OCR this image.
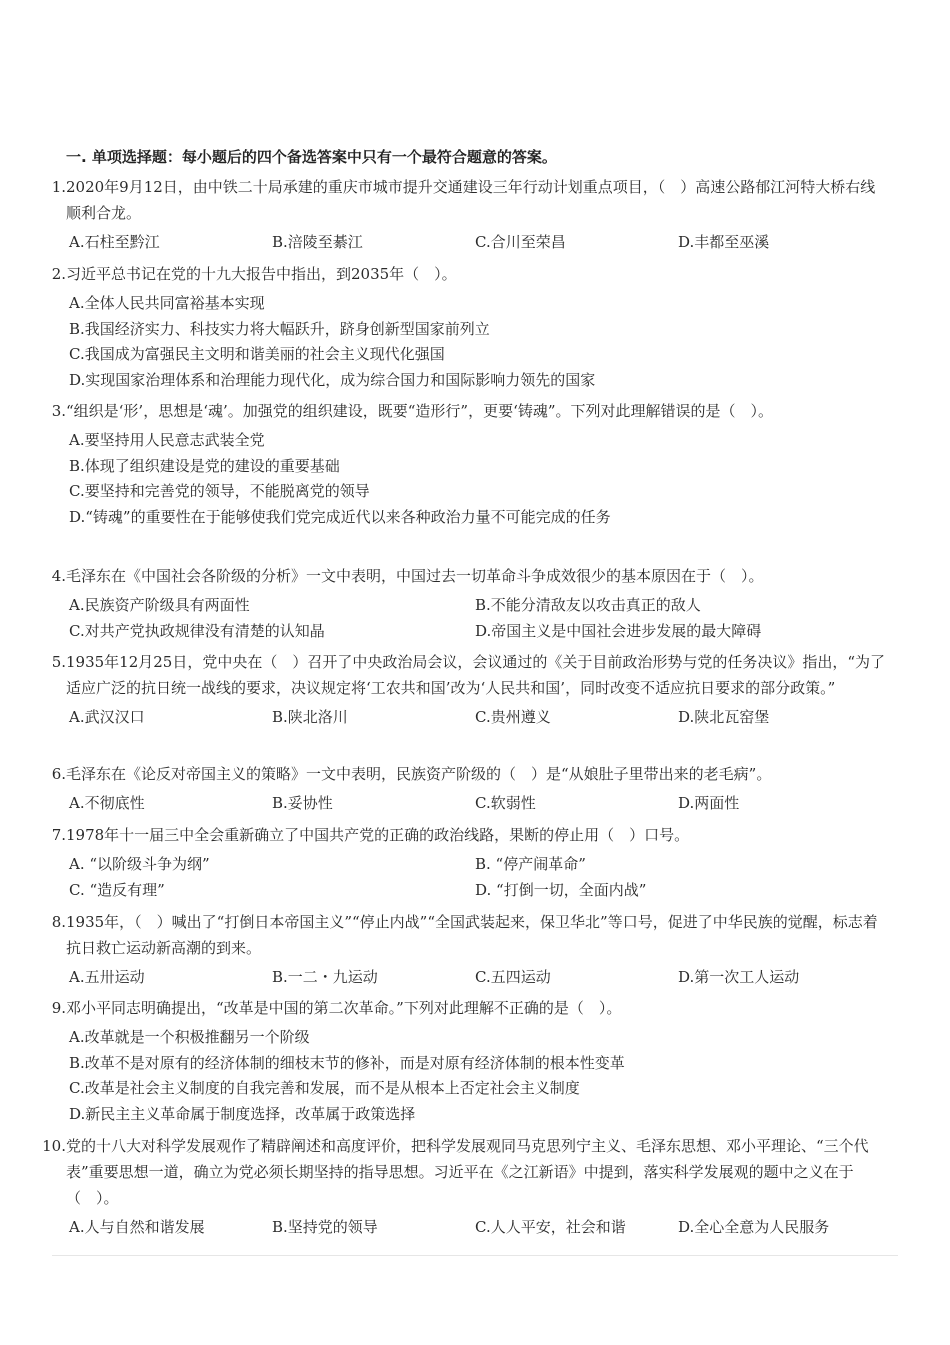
一. 单项选择题：每小题后的四个备选答案中只有一个最符合题意的答案。
1. 2020年9月12日，由中铁二十局承建的重庆市城市提升交通建设三年行动计划重点项目，（　）高速公路郁江河特大桥右线顺利合龙。
A.石柱至黔江	B.涪陵至綦江	C.合川至荣昌	D.丰都至巫溪
2. 习近平总书记在党的十九大报告中指出，到2035年（　）。
A.全体人民共同富裕基本实现
B.我国经济实力、科技实力将大幅跃升，跻身创新型国家前列立
C.我国成为富强民主文明和谐美丽的社会主义现代化强国
D.实现国家治理体系和治理能力现代化，成为综合国力和国际影响力领先的国家
3. “组织是‘形’，思想是‘魂’。加强党的组织建设，既要“造形行”，更要‘铸魂”。下列对此理解错误的是（　）。
A.要坚持用人民意志武装全党
B.体现了组织建设是党的建设的重要基础
C.要坚持和完善党的领导，不能脱离党的领导
D.“铸魂”的重要性在于能够使我们党完成近代以来各种政治力量不可能完成的任务
4. 毛泽东在《中国社会各阶级的分析》一文中表明，中国过去一切革命斗争成效很少的基本原因在于（　）。
A.民族资产阶级具有两面性	B.不能分清敌友以攻击真正的敌人
C.对共产党执政规律没有清楚的认知晶	D.帝国主义是中国社会进步发展的最大障碍
5. 1935年12月25日，党中央在（　）召开了中央政治局会议，会议通过的《关于目前政治形势与党的任务决议》指出，“为了适应广泛的抗日统一战线的要求，决议规定将‘工农共和国’改为‘人民共和国’，同时改变不适应抗日要求的部分政策。”
A.武汉汉口	B.陕北洛川	C.贵州遵义	D.陕北瓦窑堡
6. 毛泽东在《论反对帝国主义的策略》一文中表明，民族资产阶级的（　）是“从娘肚子里带出来的老毛病”。
A.不彻底性	B.妥协性	C.软弱性	D.两面性
7. 1978年十一届三中全会重新确立了中国共产党的正确的政治线路，果断的停止用（　）口号。
A. “以阶级斗争为纲”	B. “停产闹革命”
C. “造反有理”	D. “打倒一切，全面内战”
8. 1935年，（　）喊出了“打倒日本帝国主义”“停止内战”“全国武装起来，保卫华北”等口号，促进了中华民族的觉醒，标志着抗日救亡运动新高潮的到来。
A.五卅运动	B.一二・九运动	C.五四运动	D.第一次工人运动
9. 邓小平同志明确提出，“改革是中国的第二次革命。”下列对此理解不正确的是（　）。
A.改革就是一个积极推翻另一个阶级
B.改革不是对原有的经济体制的细枝末节的修补，而是对原有经济体制的根本性变革
C.改革是社会主义制度的自我完善和发展，而不是从根本上否定社会主义制度
D.新民主主义革命属于制度选择，改革属于政策选择
10. 党的十八大对科学发展观作了精辟阐述和高度评价，把科学发展观同马克思列宁主义、毛泽东思想、邓小平理论、“三个代表”重要思想一道，确立为党必须长期坚持的指导思想。习近平在《之江新语》中提到，落实科学发展观的题中之义在于（　）。
A.人与自然和谐发展	B.坚持党的领导	C.人人平安，社会和谐	D.全心全意为人民服务
